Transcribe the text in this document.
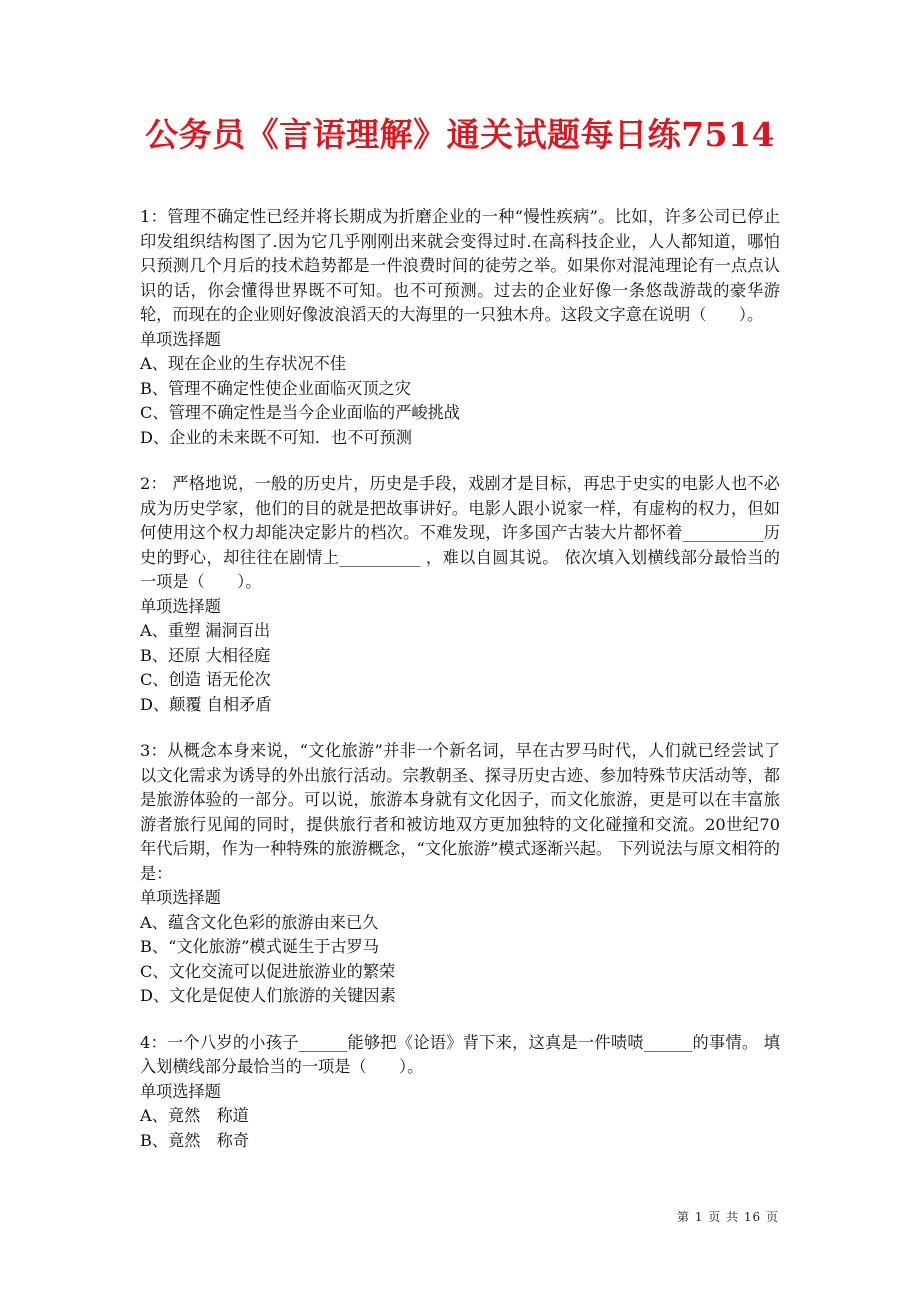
公务员《言语理解》通关试题每日练7514
1：管理不确定性已经并将长期成为折磨企业的一种“慢性疾病”。比如，许多公司已停止印发组织结构图了.因为它几乎刚刚出来就会变得过时.在高科技企业，人人都知道，哪怕只预测几个月后的技术趋势都是一件浪费时间的徒劳之举。如果你对混沌理论有一点点认识的话，你会懂得世界既不可知。也不可预测。过去的企业好像一条悠哉游哉的豪华游轮，而现在的企业则好像波浪滔天的大海里的一只独木舟。这段文字意在说明（　　）。
单项选择题
A、现在企业的生存状况不佳
B、管理不确定性使企业面临灭顶之灾
C、管理不确定性是当今企业面临的严峻挑战
D、企业的未来既不可知．也不可预测
2： 严格地说，一般的历史片，历史是手段，戏剧才是目标，再忠于史实的电影人也不必成为历史学家，他们的目的就是把故事讲好。电影人跟小说家一样，有虚构的权力，但如何使用这个权力却能决定影片的档次。不难发现，许多国产古装大片都怀着__________历史的野心，却往往在剧情上__________ ，难以自圆其说。 依次填入划横线部分最恰当的一项是（　　）。
单项选择题
A、重塑 漏洞百出
B、还原 大相径庭
C、创造 语无伦次
D、颠覆 自相矛盾
3：从概念本身来说，“文化旅游”并非一个新名词，早在古罗马时代，人们就已经尝试了以文化需求为诱导的外出旅行活动。宗教朝圣、探寻历史古迹、参加特殊节庆活动等，都是旅游体验的一部分。可以说，旅游本身就有文化因子，而文化旅游，更是可以在丰富旅游者旅行见闻的同时，提供旅行者和被访地双方更加独特的文化碰撞和交流。20世纪70年代后期，作为一种特殊的旅游概念，“文化旅游”模式逐渐兴起。 下列说法与原文相符的是：
单项选择题
A、蕴含文化色彩的旅游由来已久
B、“文化旅游”模式诞生于古罗马
C、文化交流可以促进旅游业的繁荣
D、文化是促使人们旅游的关键因素
4：一个八岁的小孩子______能够把《论语》背下来，这真是一件啧啧______的事情。 填入划横线部分最恰当的一项是（　　）。
单项选择题
A、竟然　称道
B、竟然　称奇
第 1 页 共 16 页
